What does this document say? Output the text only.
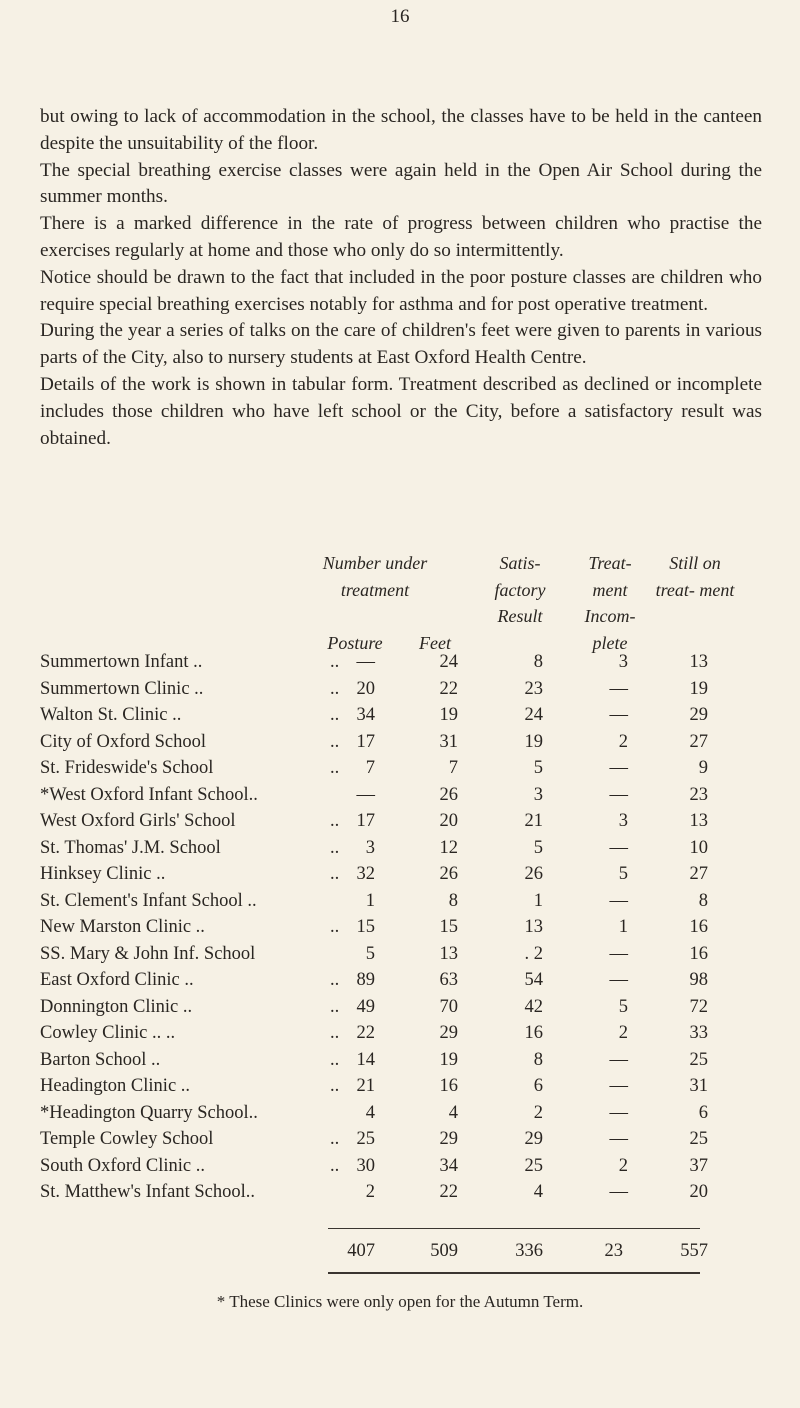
16

but owing to lack of accommodation in the school, the classes have to be held in the canteen despite the unsuitability of the floor.

The special breathing exercise classes were again held in the Open Air School during the summer months.

There is a marked difference in the rate of progress between children who practise the exercises regularly at home and those who only do so intermittently.

Notice should be drawn to the fact that included in the poor posture classes are children who require special breathing exercises notably for asthma and for post operative treatment.

During the year a series of talks on the care of children's feet were given to parents in various parts of the City, also to nursery students at East Oxford Health Centre.

Details of the work is shown in tabular form. Treatment described as declined or incomplete includes those children who have left school or the City, before a satisfactory result was obtained.

Number under treatment
Posture	Feet
Satis- factory Result
Treat- ment Incom- plete
Still on treat- ment
Summertown Infant ..	.. —	24	8	3	13
Summertown Clinic ..	.. 20	22	23	—	19
Walton St. Clinic ..	.. 34	19	24	—	29
City of Oxford School	.. 17	31	19	2	27
St. Frideswide's School	..	7	7	5	—	9
*West Oxford Infant School..	—	26	3	—	23
West Oxford Girls' School	.. 17	20	21	3	13
St. Thomas' J.M. School	..	3	12	5	—	10
Hinksey Clinic ..	.. 32	26	26	5	27
St. Clement's Infant School ..	1	8	1	—	8
New Marston Clinic ..	.. 15	15	13	1	16
SS. Mary & John Inf. School	5	13	. 2	—	16
East Oxford Clinic ..	.. 89	63	54	—	98
Donnington Clinic ..	.. 49	70	42	5	72
Cowley Clinic .. ..	.. 22	29	16	2	33
Barton School ..	.. 14	19	8	—	25
Headington Clinic ..	.. 21	16	6	—	31
*Headington Quarry School..	4	4	2	—	6
Temple Cowley School	.. 25	29	29	—	25
South Oxford Clinic ..	.. 30	34	25	2	37
St. Matthew's Infant School..	2	22	4	—	20
407	509	336	23	557
* These Clinics were only open for the Autumn Term.
